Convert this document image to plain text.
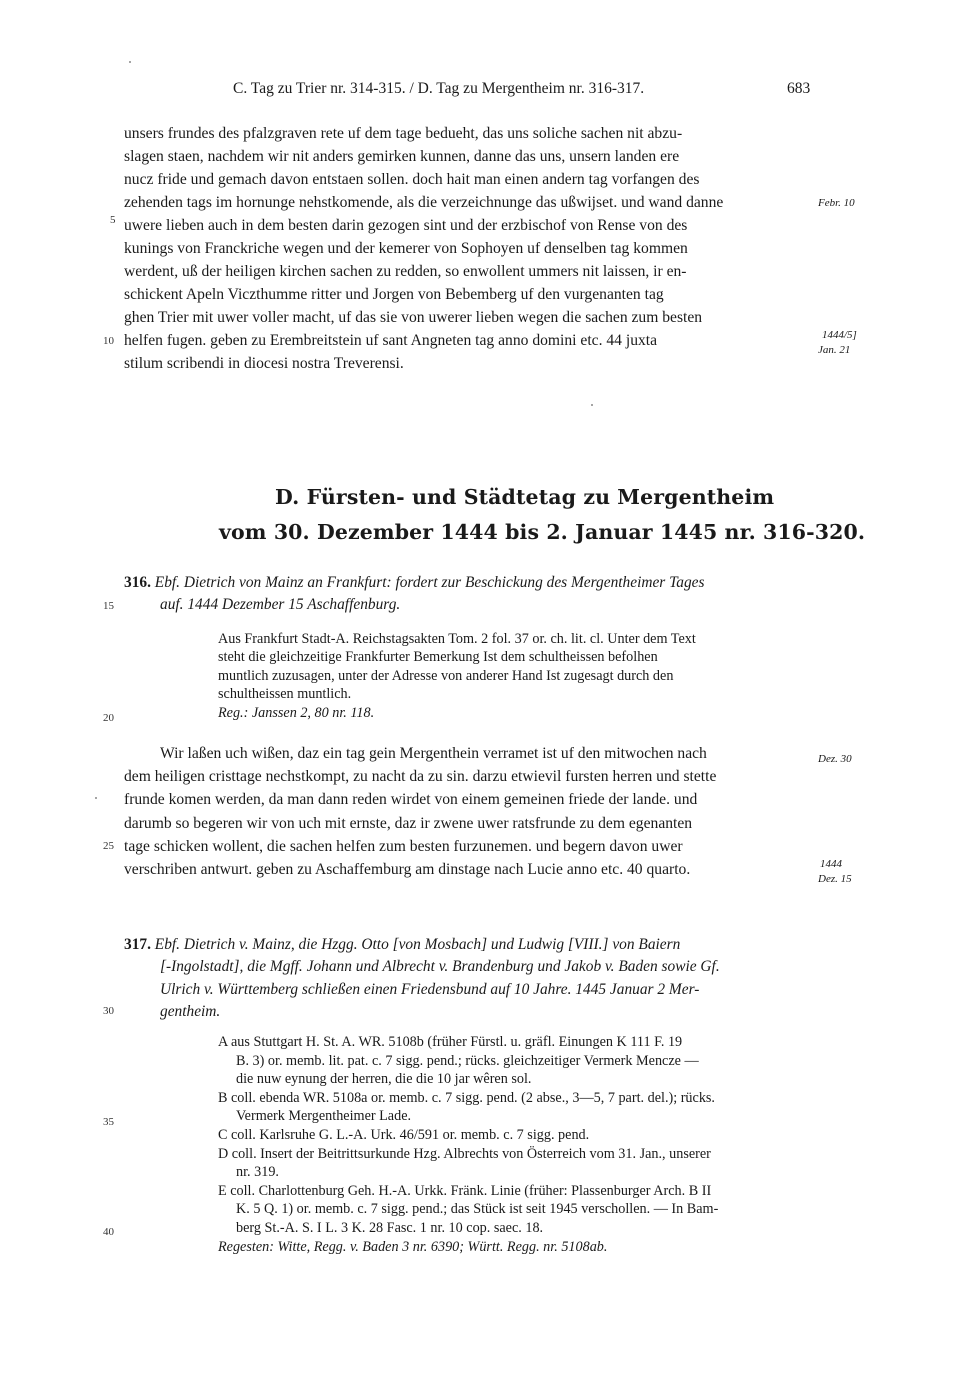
C. Tag zu Trier nr. 314-315. / D. Tag zu Mergentheim nr. 316-317.	683
unsers frundes des pfalzgraven rete uf dem tage bedueht, das uns soliche sachen nit abzu-
slagen staen, nachdem wir nit anders gemirken kunnen, danne das uns, unsern landen ere
nucz fride und gemach davon entstaen sollen. doch hait man einen andern tag vorfangen des
zehenden tags im hornunge nehstkomende, als die verzeichnunge das ußwijset. und wand danne
uwere lieben auch in dem besten darin gezogen sint und der erzbischof von Rense von des
kunings von Franckriche wegen und der kemerer von Sophoyen uf denselben tag kommen
werdent, uß der heiligen kirchen sachen zu redden, so enwollent ummers nit laissen, ir en-
schickent Apeln Viczthumme ritter und Jorgen von Bebemberg uf den vurgenanten tag
ghen Trier mit uwer voller macht, uf das sie von uwerer lieben wegen die sachen zum besten
helfen fugen. geben zu Erembreitstein uf sant Angneten tag anno domini etc. 44 juxta
stilum scribendi in diocesi nostra Treverensi.
5
10
Febr. 10
1444/5]
Jan. 21
D. Fürsten- und Städtetag zu Mergentheim
vom 30. Dezember 1444 bis 2. Januar 1445 nr. 316-320.
316. Ebf. Dietrich von Mainz an Frankfurt: fordert zur Beschickung des Mergentheimer Tages
auf. 1444 Dezember 15 Aschaffenburg.
15
Aus Frankfurt Stadt-A. Reichstagsakten Tom. 2 fol. 37 or. ch. lit. cl. Unter dem Text
steht die gleichzeitige Frankfurter Bemerkung Ist dem schultheissen befolhen
muntlich zuzusagen, unter der Adresse von anderer Hand Ist zugesagt durch den
schultheissen muntlich.
Reg.: Janssen 2, 80 nr. 118.
20
Wir laßen uch wißen, daz ein tag gein Mergenthein verramet ist uf den mitwochen nach
dem heiligen cristtage nechstkompt, zu nacht da zu sin. darzu etwievil fursten herren und stette
frunde komen werden, da man dann reden wirdet von einem gemeinen friede der lande. und
darumb so begeren wir von uch mit ernste, daz ir zwene uwer ratsfrunde zu dem egenanten
tage schicken wollent, die sachen helfen zum besten furzunemen. und begern davon uwer
verschriben antwurt. geben zu Aschaffemburg am dinstage nach Lucie anno etc. 40 quarto.
25
Dez. 30
1444
Dez. 15
317. Ebf. Dietrich v. Mainz, die Hzgg. Otto [von Mosbach] und Ludwig [VIII.] von Baiern
[-Ingolstadt], die Mgff. Johann und Albrecht v. Brandenburg und Jakob v. Baden sowie Gf.
Ulrich v. Württemberg schließen einen Friedensbund auf 10 Jahre. 1445 Januar 2 Mer-
gentheim.
30
A aus Stuttgart H. St. A. WR. 5108b (früher Fürstl. u. gräfl. Einungen K 111 F. 19
B. 3) or. memb. lit. pat. c. 7 sigg. pend.; rücks. gleichzeitiger Vermerk Mencze —
die nuw eynung der herren, die die 10 jar wêren sol.
B coll. ebenda WR. 5108a or. memb. c. 7 sigg. pend. (2 abse., 3—5, 7 part. del.); rücks.
Vermerk Mergentheimer Lade.
C coll. Karlsruhe G. L.-A. Urk. 46/591 or. memb. c. 7 sigg. pend.
D coll. Insert der Beitrittsurkunde Hzg. Albrechts von Österreich vom 31. Jan., unserer
nr. 319.
E coll. Charlottenburg Geh. H.-A. Urkk. Fränk. Linie (früher: Plassenburger Arch. B II
K. 5 Q. 1) or. memb. c. 7 sigg. pend.; das Stück ist seit 1945 verschollen. — In Bam-
berg St.-A. S. I L. 3 K. 28 Fasc. 1 nr. 10 cop. saec. 18.
Regesten: Witte, Regg. v. Baden 3 nr. 6390; Württ. Regg. nr. 5108ab.
35
40
